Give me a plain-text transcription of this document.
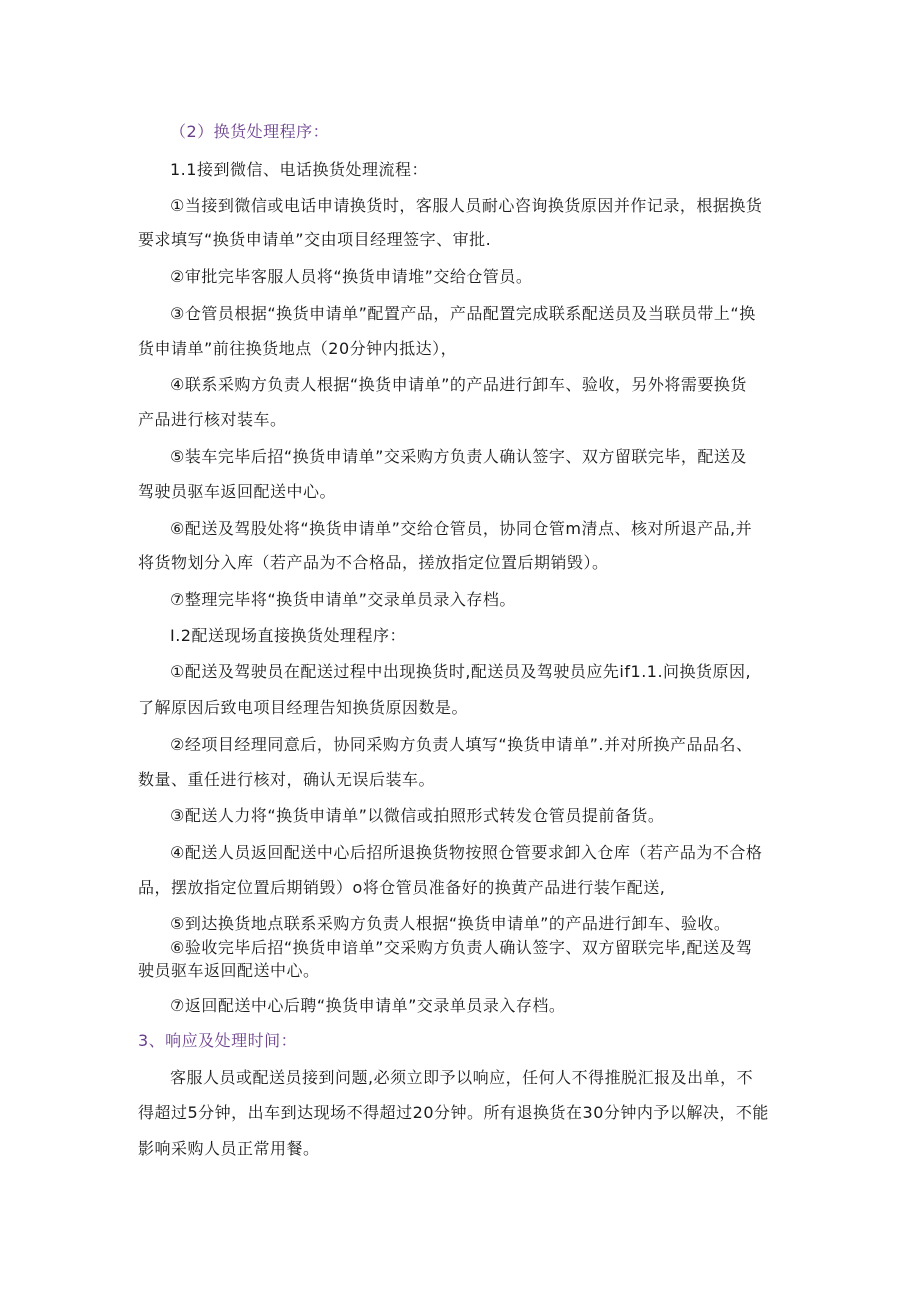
（2）换货处理程序：
1.1接到微信、电话换货处理流程：
①当接到微信或电话申请换货时，客服人员耐心咨询换货原因并作记录，根据换货
要求填写“换货申请单”交由项目经理签字、审批.
②审批完毕客服人员将“换货申请堆”交给仓管员。
③仓管员根据“换货申请单”配置产品，产品配置完成联系配送员及当联员带上“换
货申请单”前往换货地点（20分钟内抵达），
④联系采购方负责人根据“换货申请单”的产品进行卸车、验收，另外将需要换货
产品进行核对装车。
⑤装车完毕后招“换货申请单”交采购方负责人确认签字、双方留联完毕，配送及
驾驶员驱车返回配送中心。
⑥配送及驾股处将“换货申请单”交给仓管员，协同仓管m清点、核对所退产品,并
将货物划分入库（若产品为不合格品，搓放指定位置后期销毁）。
⑦整理完毕将“换货申请单”交录单员录入存档。
I.2配送现场直接换货处理程序：
①配送及驾驶员在配送过程中出现换货时,配送员及驾驶员应先if1.1.问换货原因,
了解原因后致电项目经理告知换货原因数是。
②经项目经理同意后，协同采购方负责人填写“换货申请单”.并对所换产品品名、
数量、重任进行核对，确认无误后装车。
③配送人力将“换货申请单”以微信或拍照形式转发仓管员提前备货。
④配送人员返回配送中心后招所退换货物按照仓管要求卸入仓库（若产品为不合格
品，摆放指定位置后期销毁）o将仓管员准备好的换黄产品进行装乍配送,
⑤到达换货地点联系采购方负责人根据“换货申请单”的产品进行卸车、验收。
⑥验收完毕后招“换货申谙单”交采购方负责人确认签字、双方留联完毕,配送及驾
驶员驱车返回配送中心。
⑦返回配送中心后聘“换货申请单”交录单员录入存档。
3、响应及处理时间：
客服人员或配送员接到问题,必须立即予以响应，任何人不得推脱汇报及出单，不
得超过5分钟，出车到达现场不得超过20分钟。所有退换货在30分钟内予以解决，不能
影响采购人员正常用餐。
